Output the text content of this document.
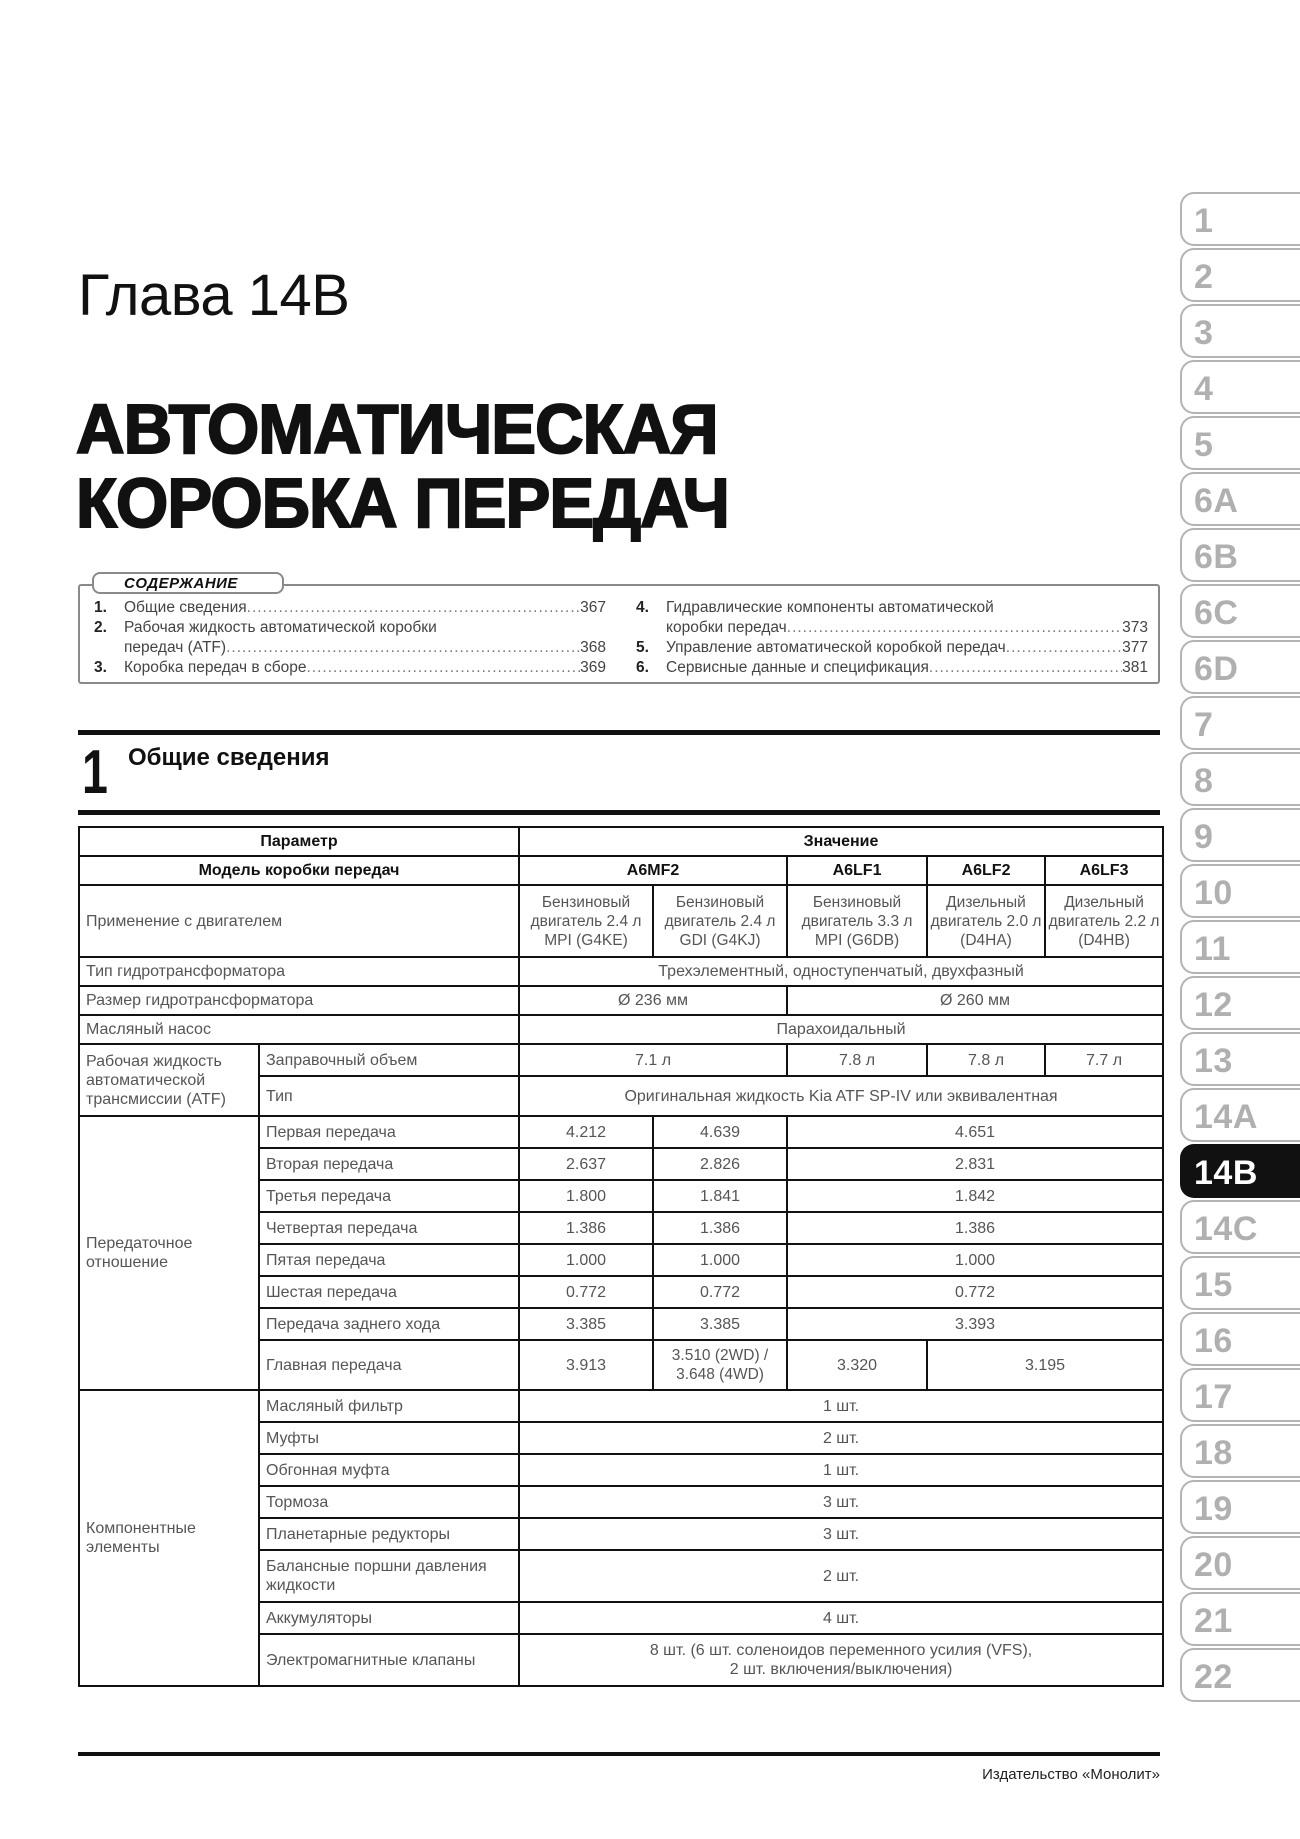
Глава 14В
АВТОМАТИЧЕСКАЯ
КОРОБКА ПЕРЕДАЧ
СОДЕРЖАНИЕ
1.	Общие сведения .....	367
2.	Рабочая жидкость автоматической коробки
передач (ATF) .....	368
3.	Коробка передач в сборе .....	369
4.	Гидравлические компоненты автоматической
коробки передач .....	373
5.	Управление автоматической коробкой передач .....	377
6.	Сервисные данные и спецификация .....	381
1 Общие сведения
Параметр		Значение				
Модель коробки передач		A6MF2		A6LF1	A6LF2	A6LF3
Применение с двигателем		Бензиновый двигатель 2.4 л MPI (G4KE)	Бензиновый двигатель 2.4 л GDI (G4KJ)	Бензиновый двигатель 3.3 л MPI (G6DB)	Дизельный двигатель 2.0 л (D4HA)	Дизельный двигатель 2.2 л (D4HB)
Тип гидротрансформатора		Трехэлементный, одноступенчатый, двухфазный				
Размер гидротрансформатора		Ø 236 мм		Ø 260 мм		
Масляный насос		Парахоидальный				
Рабочая жидкость автоматической трансмиссии (ATF)	Заправочный объем	7.1 л		7.8 л	7.8 л	7.7 л
	Тип	Оригинальная жидкость Kia ATF SP-IV или эквивалентная				
Передаточное отношение	Первая передача	4.212	4.639	4.651		
	Вторая передача	2.637	2.826	2.831		
	Третья передача	1.800	1.841	1.842		
	Четвертая передача	1.386	1.386	1.386		
	Пятая передача	1.000	1.000	1.000		
	Шестая передача	0.772	0.772	0.772		
	Передача заднего хода	3.385	3.385	3.393		
	Главная передача	3.913	3.510 (2WD) /
3.648 (4WD)	3.320	3.195	
Компонентные элементы	Масляный фильтр	1 шт.				
	Муфты	2 шт.				
	Обгонная муфта	1 шт.				
	Тормоза	3 шт.				
	Планетарные редукторы	3 шт.				
	Балансные поршни давления жидкости	2 шт.				
	Аккумуляторы	4 шт.				
	Электромагнитные клапаны	8 шт. (6 шт. соленоидов переменного усилия (VFS),
2 шт. включения/выключения)				
1
2
3
4
5
6A
6B
6C
6D
7
8
9
10
11
12
13
14A
14B
14C
15
16
17
18
19
20
21
22
Издательство «Монолит»
